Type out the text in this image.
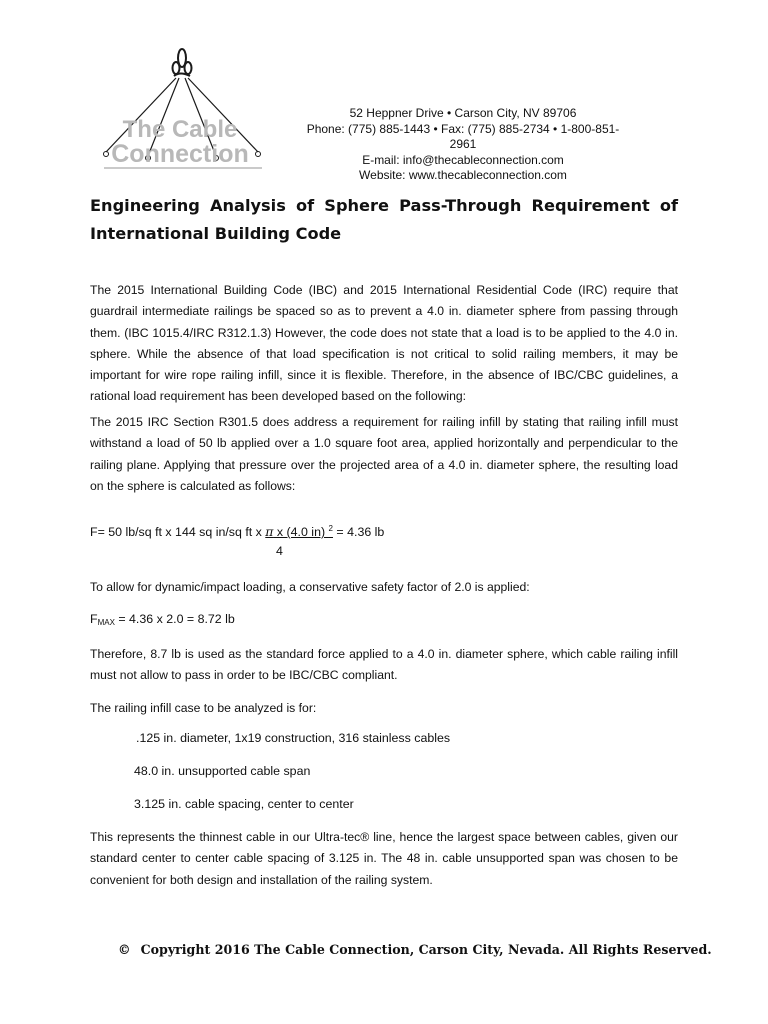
The Cable
Connection
52 Heppner Drive • Carson City, NV 89706
Phone: (775) 885-1443 • Fax: (775) 885-2734 • 1-800-851-2961
E-mail: info@thecableconnection.com
Website: www.thecableconnection.com
Engineering Analysis of Sphere Pass-Through Requirement of International Building Code

The 2015 International Building Code (IBC) and 2015 International Residential Code (IRC) require that guardrail intermediate railings be spaced so as to prevent a 4.0 in. diameter sphere from passing through them. (IBC 1015.4/IRC R312.1.3) However, the code does not state that a load is to be applied to the 4.0 in. sphere. While the absence of that load specification is not critical to solid railing members, it may be important for wire rope railing infill, since it is flexible. Therefore, in the absence of IBC/CBC guidelines, a rational load requirement has been developed based on the following:

The 2015 IRC Section R301.5 does address a requirement for railing infill by stating that railing infill must withstand a load of 50 lb applied over a 1.0 square foot area, applied horizontally and perpendicular to the railing plane. Applying that pressure over the projected area of a 4.0 in. diameter sphere, the resulting load on the sphere is calculated as follows:

F= 50 lb/sq ft x 144 sq in/sq ft x π x (4.0 in) $^2$ = 4.36 lb
4

To allow for dynamic/impact loading, a conservative safety factor of 2.0 is applied:

$F_{MAX} = 4.36$ x 2.0 = 8.72 lb

Therefore, 8.7 lb is used as the standard force applied to a 4.0 in. diameter sphere, which cable railing infill must not allow to pass in order to be IBC/CBC compliant.

The railing infill case to be analyzed is for:

.125 in. diameter, 1x19 construction, 316 stainless cables
48.0 in. unsupported cable span
3.125 in. cable spacing, center to center

This represents the thinnest cable in our Ultra-tec® line, hence the largest space between cables, given our standard center to center cable spacing of 3.125 in. The 48 in. cable unsupported span was chosen to be convenient for both design and installation of the railing system.

© Copyright 2016 The Cable Connection, Carson City, Nevada. All Rights Reserved.
